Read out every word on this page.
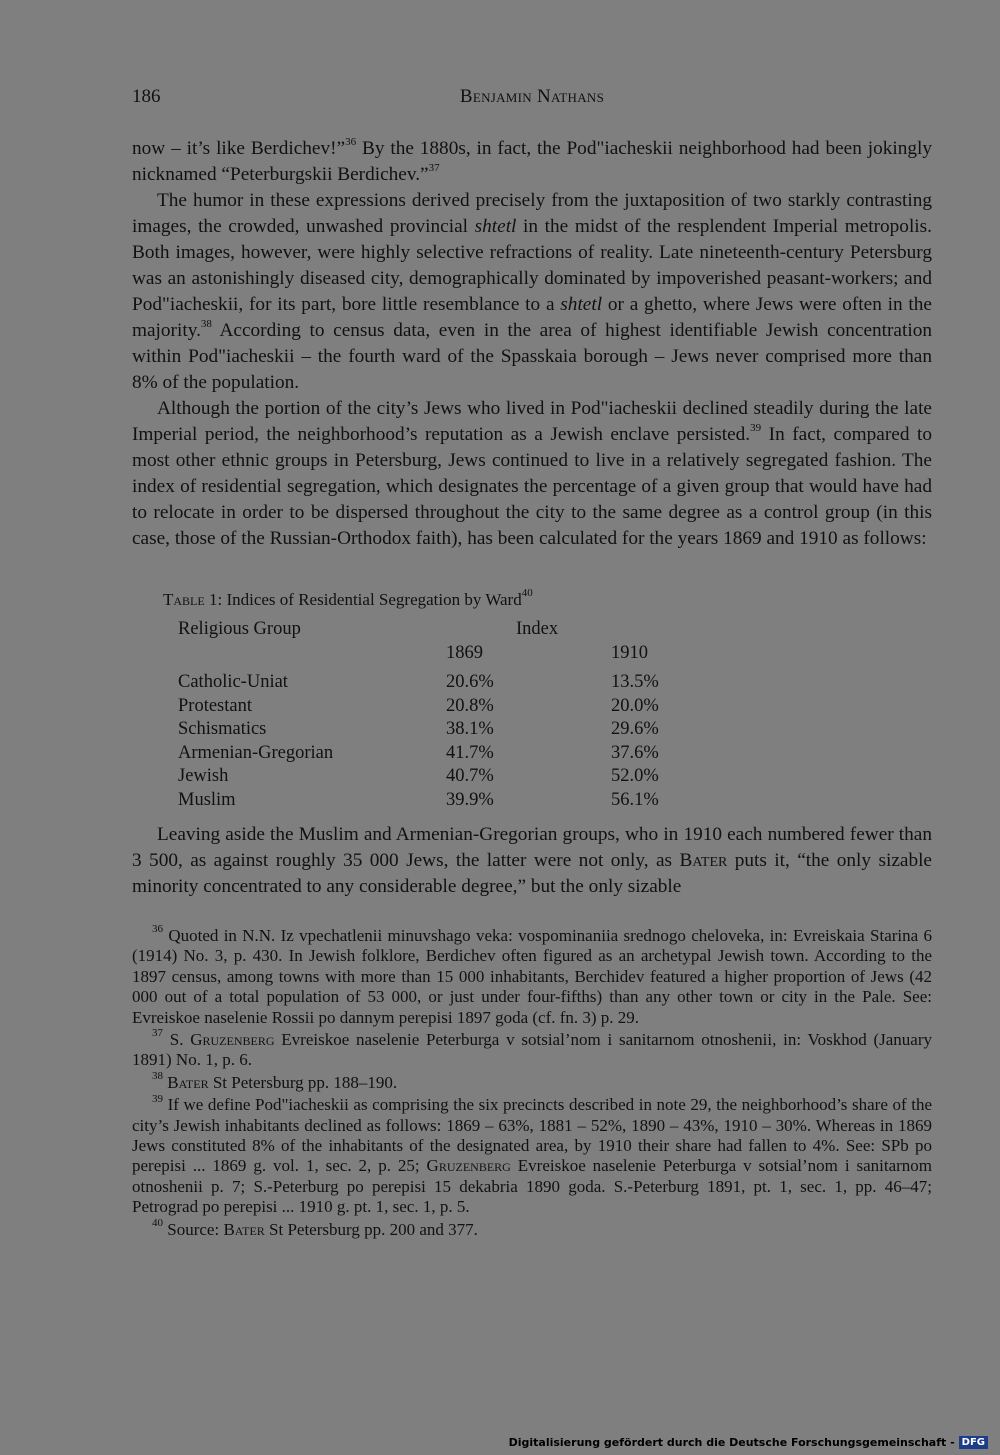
186	Benjamin Nathans

now – it’s like Berdichev!”$^{36}$ By the 1880s, in fact, the Pod"iacheskii neighborhood had been jokingly nicknamed “Peterburgskii Berdichev.”$^{37}$

The humor in these expressions derived precisely from the juxtaposition of two starkly contrasting images, the crowded, unwashed provincial shtetl in the midst of the resplendent Imperial metropolis. Both images, however, were highly selective refractions of reality. Late nineteenth-century Petersburg was an astonishingly diseased city, demographically dominated by impoverished peasant-workers; and Pod"iacheskii, for its part, bore little resemblance to a shtetl or a ghetto, where Jews were often in the majority.$^{38}$ According to census data, even in the area of highest identifiable Jewish concentration within Pod"iacheskii – the fourth ward of the Spasskaia borough – Jews never comprised more than 8% of the population.

Although the portion of the city’s Jews who lived in Pod"iacheskii declined steadily during the late Imperial period, the neighborhood’s reputation as a Jewish enclave persisted.$^{39}$ In fact, compared to most other ethnic groups in Petersburg, Jews continued to live in a relatively segregated fashion. The index of residential segregation, which designates the percentage of a given group that would have had to relocate in order to be dispersed throughout the city to the same degree as a control group (in this case, those of the Russian-Orthodox faith), has been calculated for the years 1869 and 1910 as follows:

Table 1: Indices of Residential Segregation by Ward$^{40}$
Religious Group	Index	
	1869	1910

Catholic-Uniat	20.6%	13.5%
Protestant	20.8%	20.0%
Schismatics	38.1%	29.6%
Armenian-Gregorian	41.7%	37.6%
Jewish	40.7%	52.0%
Muslim	39.9%	56.1%

Leaving aside the Muslim and Armenian-Gregorian groups, who in 1910 each numbered fewer than 3 500, as against roughly 35 000 Jews, the latter were not only, as Bater puts it, “the only sizable minority concentrated to any considerable degree,” but the only sizable

$^{36}$ Quoted in N.N. Iz vpechatlenii minuvshago veka: vospominaniia srednogo cheloveka, in: Evreiskaia Starina 6 (1914) No. 3, p. 430. In Jewish folklore, Berdichev often figured as an archetypal Jewish town. According to the 1897 census, among towns with more than 15 000 inhabitants, Berchidev featured a higher proportion of Jews (42 000 out of a total population of 53 000, or just under four-fifths) than any other town or city in the Pale. See: Evreiskoe naselenie Rossii po dannym perepisi 1897 goda (cf. fn. 3) p. 29.

$^{37}$ S. Gruzenberg Evreiskoe naselenie Peterburga v sotsial’nom i sanitarnom otnoshenii, in: Voskhod (January 1891) No. 1, p. 6.

$^{38}$ Bater St Petersburg pp. 188–190.

$^{39}$ If we define Pod"iacheskii as comprising the six precincts described in note 29, the neighborhood’s share of the city’s Jewish inhabitants declined as follows: 1869 – 63%, 1881 – 52%, 1890 – 43%, 1910 – 30%. Whereas in 1869 Jews constituted 8% of the inhabitants of the designated area, by 1910 their share had fallen to 4%. See: SPb po perepisi ... 1869 g. vol. 1, sec. 2, p. 25; Gruzenberg Evreiskoe naselenie Peterburga v sotsial’nom i sanitarnom otnoshenii p. 7; S.-Peterburg po perepisi 15 dekabria 1890 goda. S.-Peterburg 1891, pt. 1, sec. 1, pp. 46–47; Petrograd po perepisi ... 1910 g. pt. 1, sec. 1, p. 5.

$^{40}$ Source: Bater St Petersburg pp. 200 and 377.

Digitalisierung gefördert durch die Deutsche Forschungsgemeinschaft - DFG
